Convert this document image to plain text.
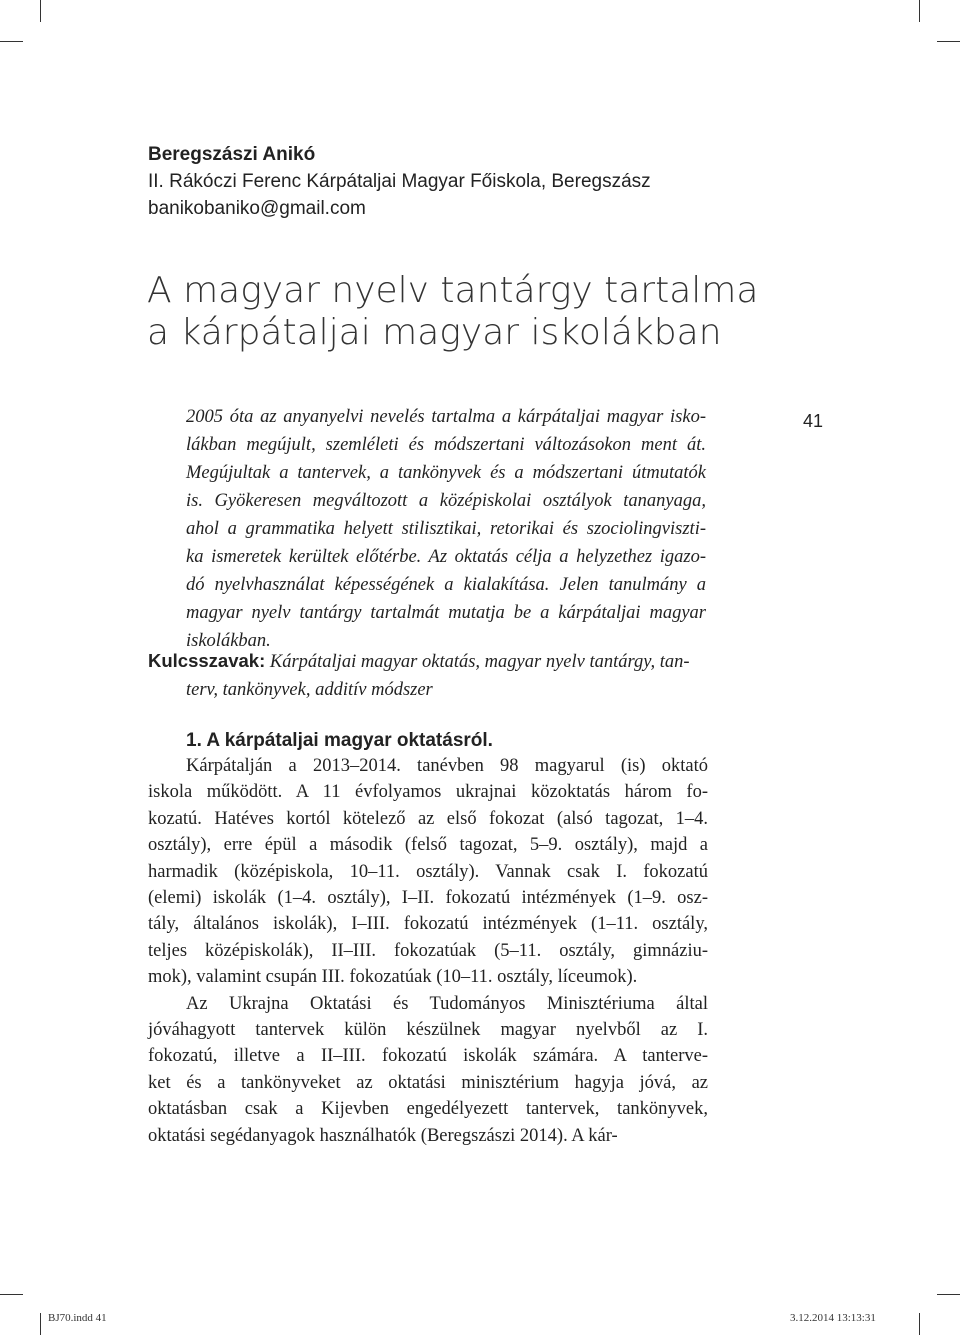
Beregszászi Anikó
II. Rákóczi Ferenc Kárpátaljai Magyar Főiskola, Beregszász
banikobaniko@gmail.com
A magyar nyelv tantárgy tartalma
a kárpátaljai magyar iskolákban
41
2005 óta az anyanyelvi nevelés tartalma a kárpátaljai magyar isko-
lákban megújult, szemléleti és módszertani változásokon ment át.
Megújultak a tantervek, a tankönyvek és a módszertani útmutatók
is. Gyökeresen megváltozott a középiskolai osztályok tananyaga,
ahol a grammatika helyett stilisztikai, retorikai és szociolingviszti-
ka ismeretek kerültek előtérbe. Az oktatás célja a helyzethez igazo-
dó nyelvhasználat képességének a kialakítása. Jelen tanulmány a
magyar nyelv tantárgy tartalmát mutatja be a kárpátaljai magyar
iskolákban.
Kulcsszavak: Kárpátaljai magyar oktatás, magyar nyelv tantárgy, tan-
terv, tankönyvek, additív módszer
1. A kárpátaljai magyar oktatásról.
Kárpátalján a 2013–2014. tanévben 98 magyarul (is) oktató
iskola működött. A 11 évfolyamos ukrajnai közoktatás három fo-
kozatú. Hatéves kortól kötelező az első fokozat (alsó tagozat, 1–4.
osztály), erre épül a második (felső tagozat, 5–9. osztály), majd a
harmadik (középiskola, 10–11. osztály). Vannak csak I. fokozatú
(elemi) iskolák (1–4. osztály), I–II. fokozatú intézmények (1–9. osz-
tály, általános iskolák), I–III. fokozatú intézmények (1–11. osztály,
teljes középiskolák), II–III. fokozatúak (5–11. osztály, gimnáziu-
mok), valamint csupán III. fokozatúak (10–11. osztály, líceumok).
Az Ukrajna Oktatási és Tudományos Minisztériuma által
jóváhagyott tantervek külön készülnek magyar nyelvből az I.
fokozatú, illetve a II–III. fokozatú iskolák számára. A tanterve-
ket és a tankönyveket az oktatási minisztérium hagyja jóvá, az
oktatásban csak a Kijevben engedélyezett tantervek, tankönyvek,
oktatási segédanyagok használhatók (Beregszászi 2014). A kár-
BJ70.indd 41	3.12.2014 13:13:31
